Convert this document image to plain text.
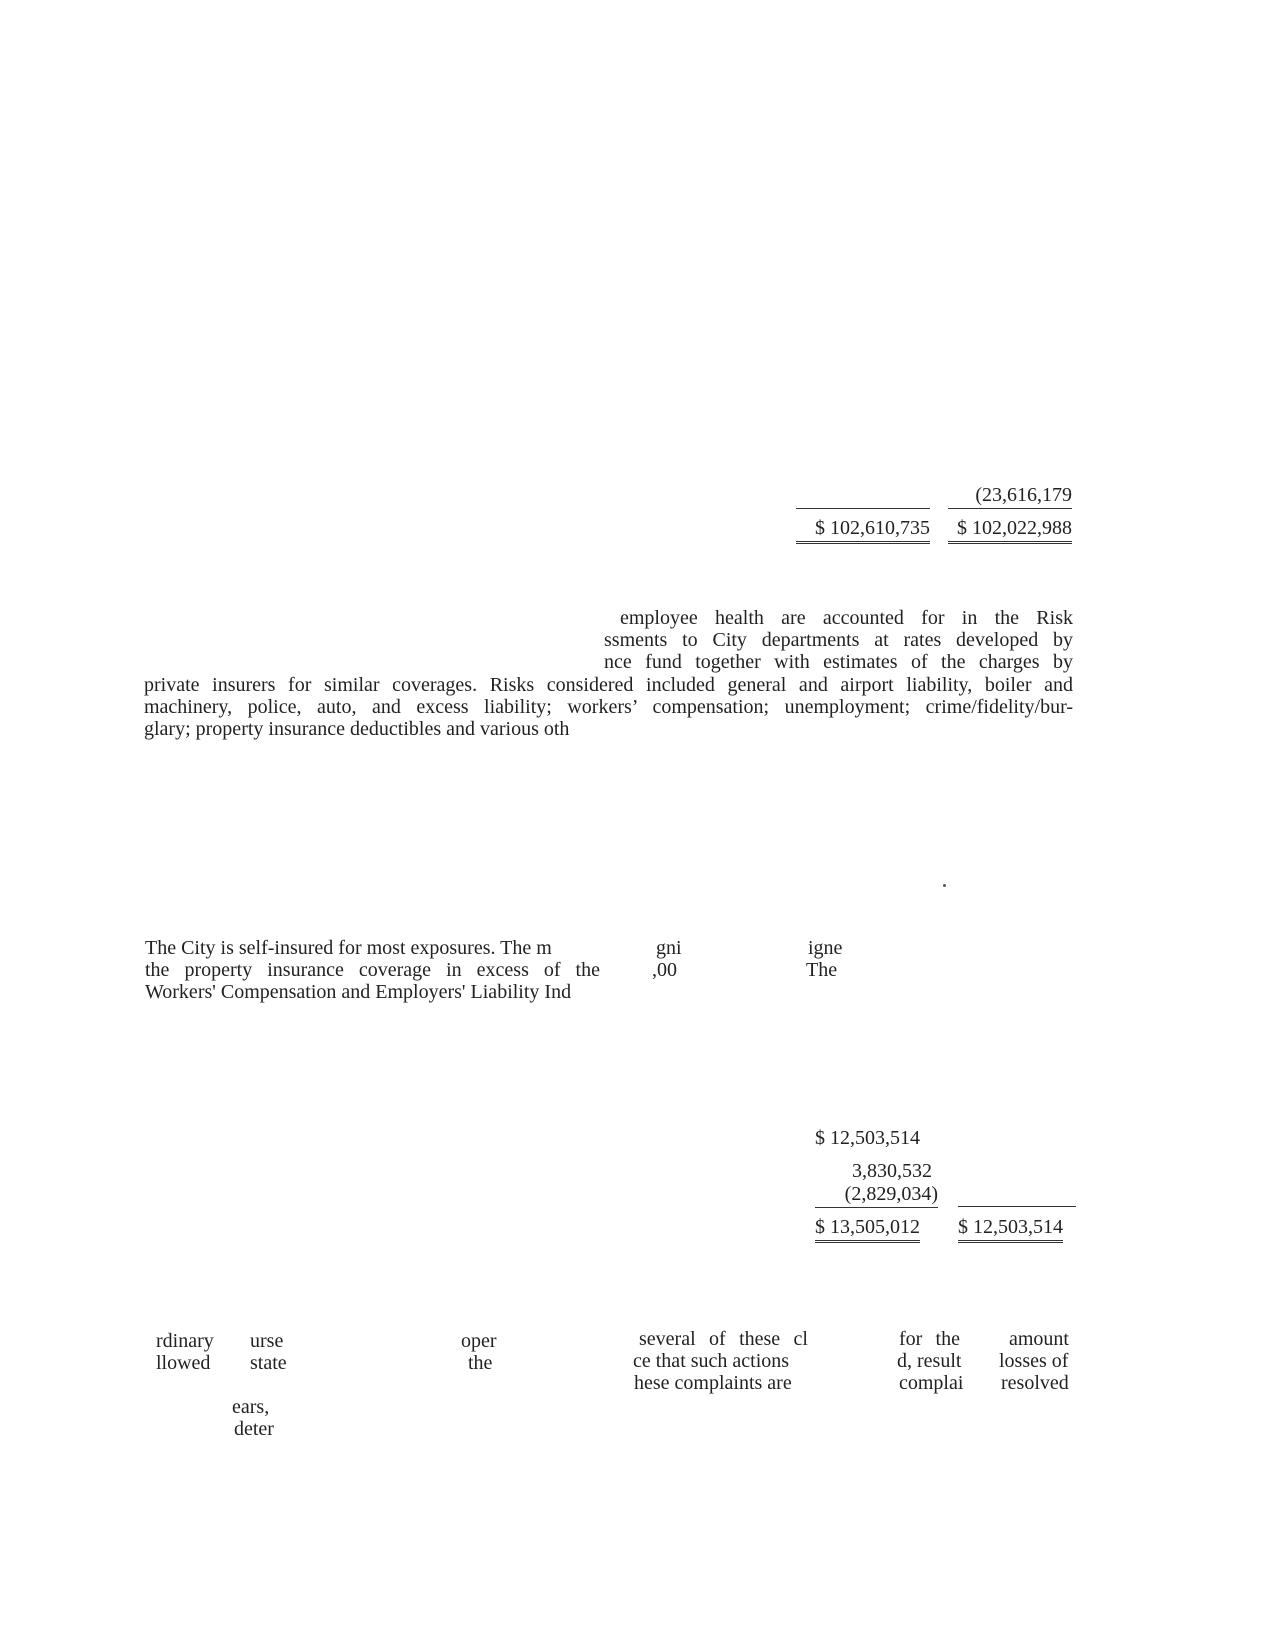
(23,616,179
$ 102,610,735	$ 102,022,988
employee health are accounted for in the Risk
ssments to City departments at rates developed by
nce fund together with estimates of the charges by
private insurers for similar coverages. Risks considered included general and airport liability, boiler and
machinery, police, auto, and excess liability; workers’ compensation; unemployment; crime/fidelity/bur-
glary; property insurance deductibles and various oth
The City is self-insured for most exposures. The m
the property insurance coverage in excess of the
Workers' Compensation and Employers' Liability Ind
gni
,00
igne
The
$ 12,503,514
3,830,532
(2,829,034)
$ 13,505,012 $ 12,503,514
rdinary
llowed
urse
state
ears,
deter
oper
the
several of these cl
ce that such actions
hese complaints are
for the
d, result
complai
amount
losses of
resolved
